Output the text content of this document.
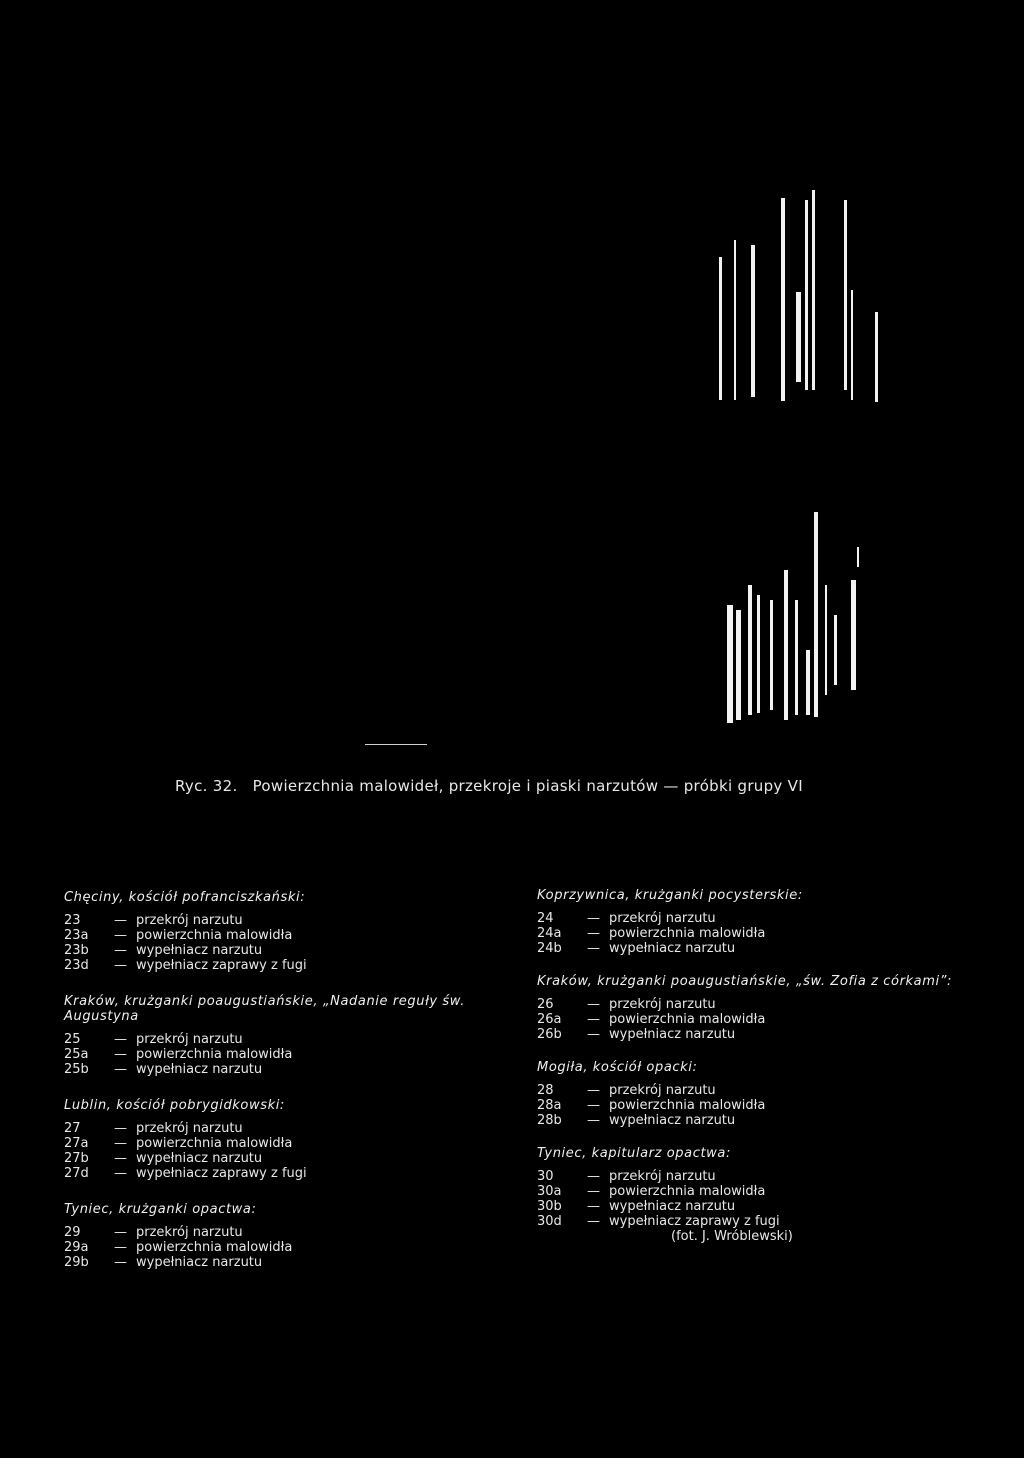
Ryc. 32. Powierzchnia malowideł, przekroje i piaski narzutów — próbki grupy VI
Chęciny, kościół pofranciszkański:
23	— przekrój narzutu
23a	— powierzchnia malowidła
23b	— wypełniacz narzutu
23d	— wypełniacz zaprawy z fugi
Kraków, krużganki poaugustiańskie, „Nadanie reguły św. Augustyna
25	— przekrój narzutu
25a	— powierzchnia malowidła
25b	— wypełniacz narzutu
Lublin, kościół pobrygidkowski:
27	— przekrój narzutu
27a	— powierzchnia malowidła
27b	— wypełniacz narzutu
27d	— wypełniacz zaprawy z fugi
Tyniec, krużganki opactwa:
29	— przekrój narzutu
29a	— powierzchnia malowidła
29b	— wypełniacz narzutu
Koprzywnica, krużganki pocysterskie:
24	— przekrój narzutu
24a	— powierzchnia malowidła
24b	— wypełniacz narzutu
Kraków, krużganki poaugustiańskie, „św. Zofia z córkami”:
26	— przekrój narzutu
26a	— powierzchnia malowidła
26b	— wypełniacz narzutu
Mogiła, kościół opacki:
28	— przekrój narzutu
28a	— powierzchnia malowidła
28b	— wypełniacz narzutu
Tyniec, kapitularz opactwa:
30	— przekrój narzutu
30a	— powierzchnia malowidła
30b	— wypełniacz narzutu
30d	— wypełniacz zaprawy z fugi
(fot. J. Wróblewski)
